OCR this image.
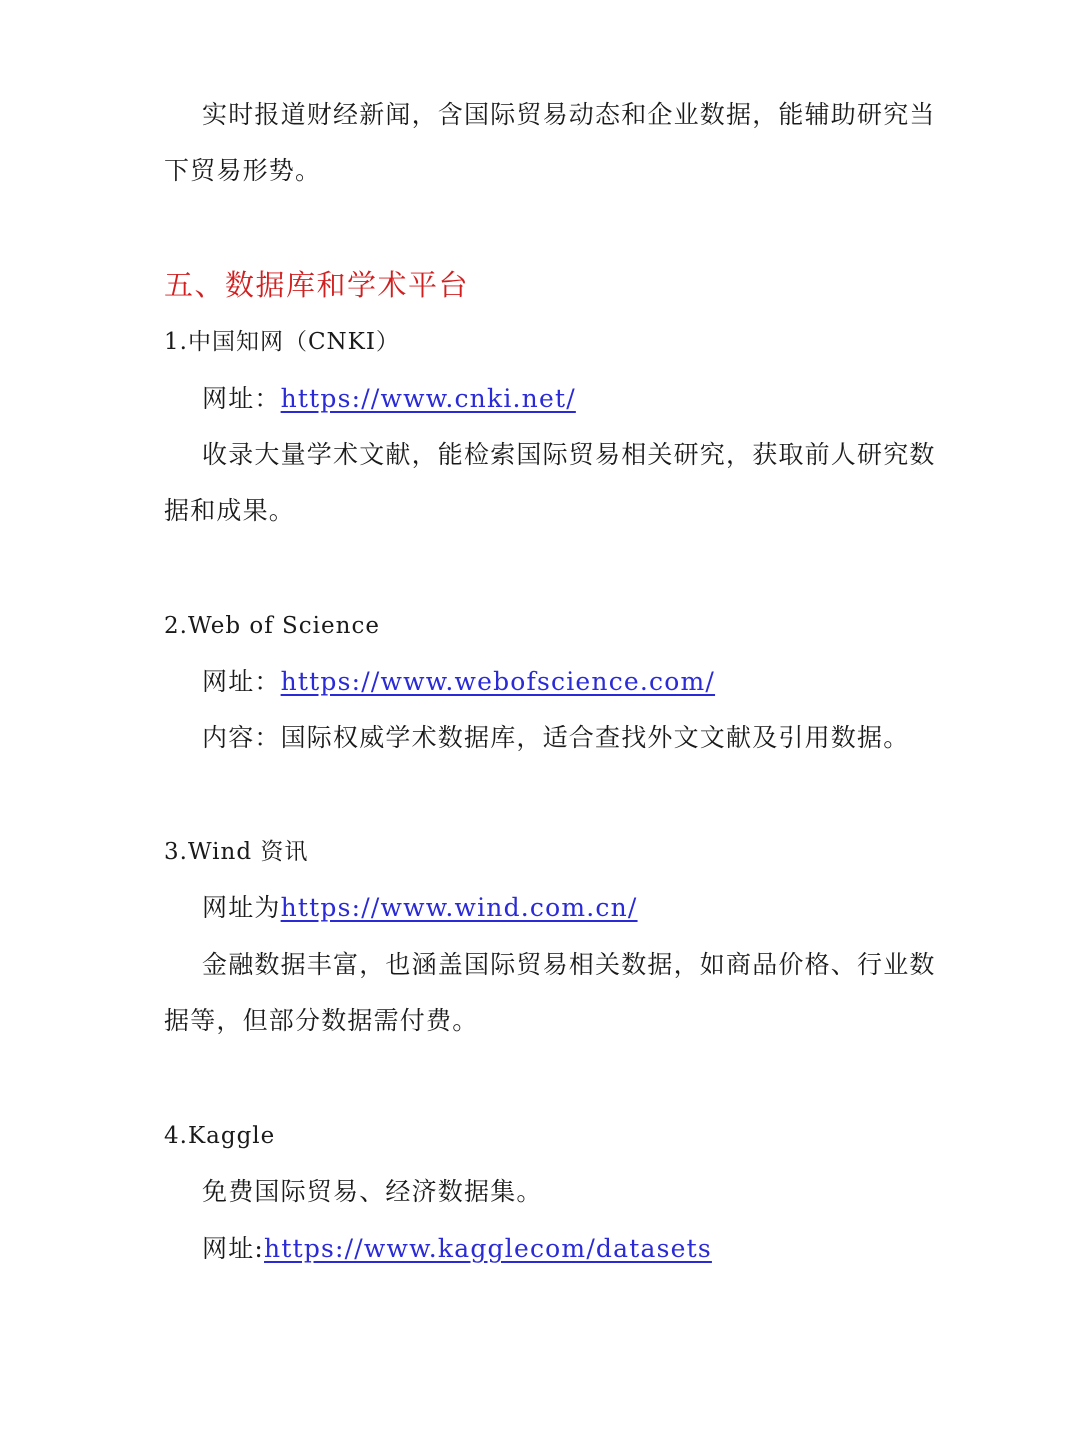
实时报道财经新闻，含国际贸易动态和企业数据，能辅助研究当
下贸易形势。
五、数据库和学术平台
1.中国知网（CNKI）
网址：https://www.cnki.net/
收录大量学术文献，能检索国际贸易相关研究，获取前人研究数
据和成果。
2.Web of Science
网址：https://www.webofscience.com/
内容：国际权威学术数据库，适合查找外文文献及引用数据。
3.Wind 资讯
网址为https://www.wind.com.cn/
金融数据丰富，也涵盖国际贸易相关数据，如商品价格、行业数
据等，但部分数据需付费。
4.Kaggle
免费国际贸易、经济数据集。
网址:https://www.kagglecom/datasets
